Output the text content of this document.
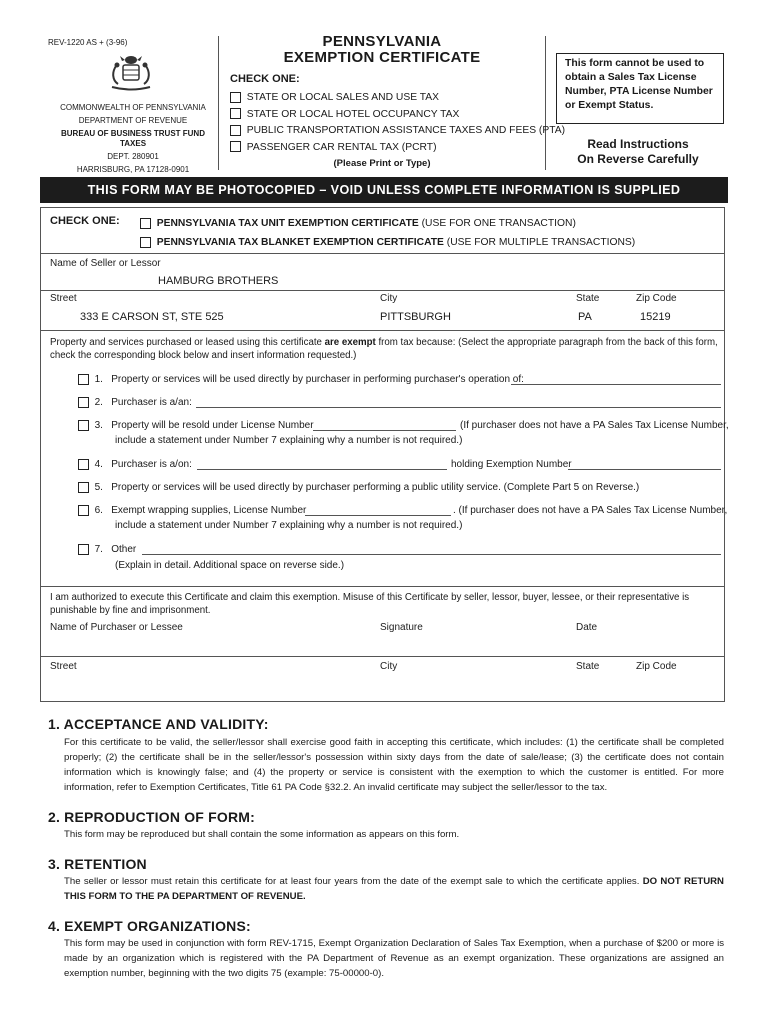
REV-1220 AS + (3-96)
COMMONWEALTH OF PENNSYLVANIA
DEPARTMENT OF REVENUE
BUREAU OF BUSINESS TRUST FUND TAXES
DEPT. 280901
HARRISBURG, PA 17128-0901
PENNSYLVANIA
EXEMPTION CERTIFICATE
CHECK ONE:
STATE OR LOCAL SALES AND USE TAX
STATE OR LOCAL HOTEL OCCUPANCY TAX
PUBLIC TRANSPORTATION ASSISTANCE TAXES AND FEES (PTA)
PASSENGER CAR RENTAL TAX (PCRT)
(Please Print or Type)
This form cannot be used to obtain a Sales Tax License Number, PTA License Number or Exempt Status.
Read Instructions
On Reverse Carefully
THIS FORM MAY BE PHOTOCOPIED – VOID UNLESS COMPLETE INFORMATION IS SUPPLIED
CHECK ONE:	PENNSYLVANIA TAX UNIT EXEMPTION CERTIFICATE (USE FOR ONE TRANSACTION)
PENNSYLVANIA TAX BLANKET EXEMPTION CERTIFICATE (USE FOR MULTIPLE TRANSACTIONS)
Name of Seller or Lessor
HAMBURG BROTHERS
Street	City	State	Zip Code
333 E CARSON ST, STE 525	PITTSBURGH	PA	15219
Property and services purchased or leased using this certificate are exempt from tax because: (Select the appropriate paragraph from the back of this form, check the corresponding block below and insert information requested.)
1. Property or services will be used directly by purchaser in performing purchaser's operation of:
2. Purchaser is a/an:
3. Property will be resold under License Number	(If purchaser does not have a PA Sales Tax License Number,
include a statement under Number 7 explaining why a number is not required.)
4. Purchaser is a/on:	holding Exemption Number
5. Property or services will be used directly by purchaser performing a public utility service. (Complete Part 5 on Reverse.)
6. Exempt wrapping supplies, License Number	. (If purchaser does not have a PA Sales Tax License Number,
include a statement under Number 7 explaining why a number is not required.)
7. Other
(Explain in detail. Additional space on reverse side.)
I am authorized to execute this Certificate and claim this exemption. Misuse of this Certificate by seller, lessor, buyer, lessee, or their representative is punishable by fine and imprisonment.
Name of Purchaser or Lessee	Signature	Date
Street	City	State	Zip Code
1. ACCEPTANCE AND VALIDITY:
For this certificate to be valid, the seller/lessor shall exercise good faith in accepting this certificate, which includes: (1) the certificate shall be completed properly; (2) the certificate shall be in the seller/lessor's possession within sixty days from the date of sale/lease; (3) the certificate does not contain information which is knowingly false; and (4) the property or service is consistent with the exemption to which the customer is entitled. For more information, refer to Exemption Certificates, Title 61 PA Code §32.2. An invalid certificate may subject the seller/lessor to the tax.
2. REPRODUCTION OF FORM:
This form may be reproduced but shall contain the some information as appears on this form.
3. RETENTION
The seller or lessor must retain this certificate for at least four years from the date of the exempt sale to which the certificate applies. DO NOT RETURN THIS FORM TO THE PA DEPARTMENT OF REVENUE.
4. EXEMPT ORGANIZATIONS:
This form may be used in conjunction with form REV-1715, Exempt Organization Declaration of Sales Tax Exemption, when a purchase of $200 or more is made by an organization which is registered with the PA Department of Revenue as an exempt organization. These organizations are assigned an exemption number, beginning with the two digits 75 (example: 75-00000-0).
